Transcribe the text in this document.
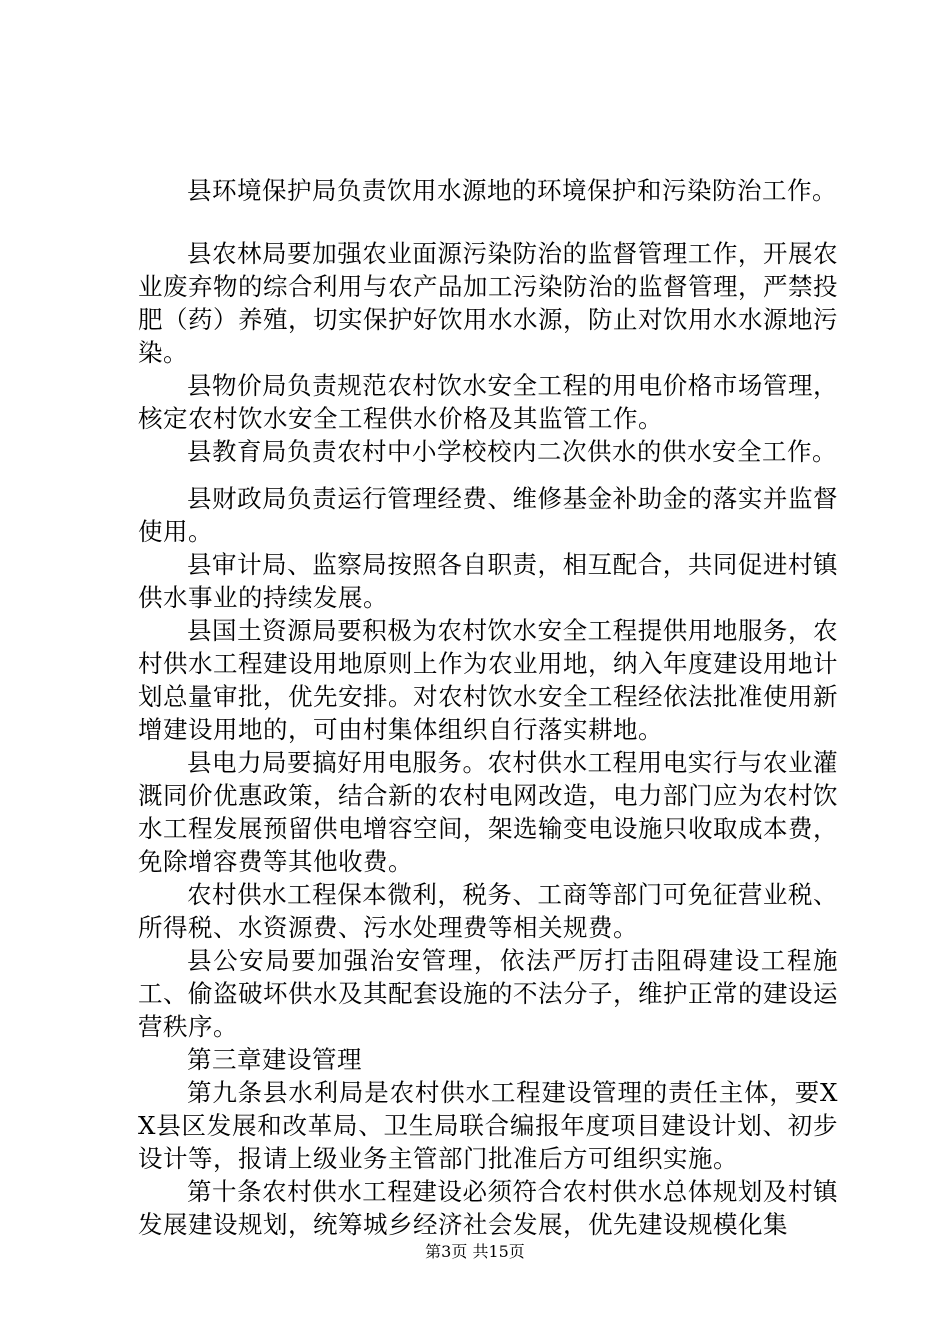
县环境保护局负责饮用水源地的环境保护和污染防治工作。

县农林局要加强农业面源污染防治的监督管理工作，开展农业废弃物的综合利用与农产品加工污染防治的监督管理，严禁投肥（药）养殖，切实保护好饮用水水源，防止对饮用水水源地污染。

县物价局负责规范农村饮水安全工程的用电价格市场管理，核定农村饮水安全工程供水价格及其监管工作。

县教育局负责农村中小学校校内二次供水的供水安全工作。

县财政局负责运行管理经费、维修基金补助金的落实并监督使用。

县审计局、监察局按照各自职责，相互配合，共同促进村镇供水事业的持续发展。

县国土资源局要积极为农村饮水安全工程提供用地服务，农村供水工程建设用地原则上作为农业用地，纳入年度建设用地计划总量审批，优先安排。对农村饮水安全工程经依法批准使用新增建设用地的，可由村集体组织自行落实耕地。

县电力局要搞好用电服务。农村供水工程用电实行与农业灌溉同价优惠政策，结合新的农村电网改造，电力部门应为农村饮水工程发展预留供电增容空间，架选输变电设施只收取成本费，免除增容费等其他收费。

农村供水工程保本微利，税务、工商等部门可免征营业税、所得税、水资源费、污水处理费等相关规费。

县公安局要加强治安管理，依法严厉打击阻碍建设工程施工、偷盗破坏供水及其配套设施的不法分子，维护正常的建设运营秩序。

第三章建设管理

第九条县水利局是农村供水工程建设管理的责任主体，要XX县区发展和改革局、卫生局联合编报年度项目建设计划、初步设计等，报请上级业务主管部门批准后方可组织实施。

第十条农村供水工程建设必须符合农村供水总体规划及村镇发展建设规划，统筹城乡经济社会发展，优先建设规模化集

第3页 共15页
